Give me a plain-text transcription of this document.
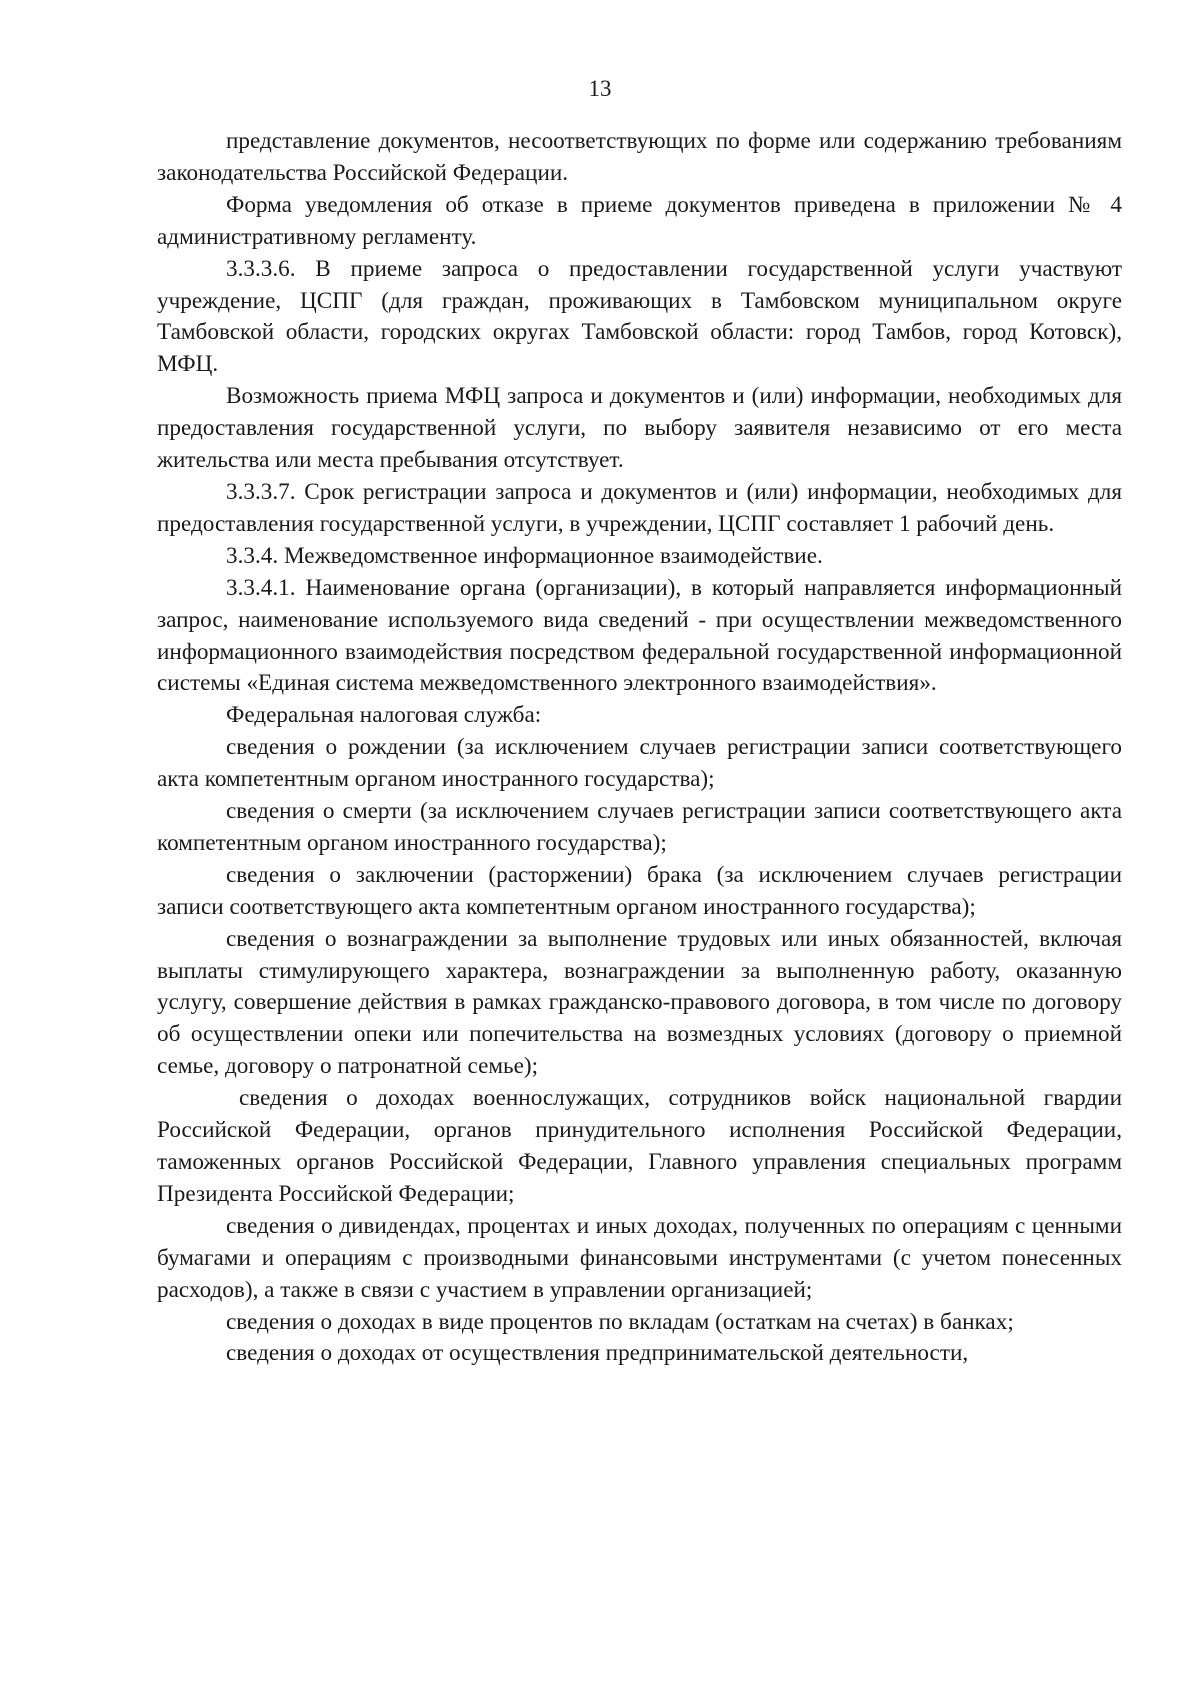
13

представление документов, несоответствующих по форме или содержанию требованиям законодательства Российской Федерации.

Форма уведомления об отказе в приеме документов приведена в приложении № 4 административному регламенту.

3.3.3.6. В приеме запроса о предоставлении государственной услуги участвуют учреждение, ЦСПГ (для граждан, проживающих в Тамбовском муниципальном округе Тамбовской области, городских округах Тамбовской области: город Тамбов, город Котовск), МФЦ.

Возможность приема МФЦ запроса и документов и (или) информации, необходимых для предоставления государственной услуги, по выбору заявителя независимо от его места жительства или места пребывания отсутствует.

3.3.3.7. Срок регистрации запроса и документов и (или) информации, необходимых для предоставления государственной услуги, в учреждении, ЦСПГ составляет 1 рабочий день.

3.3.4. Межведомственное информационное взаимодействие.

3.3.4.1. Наименование органа (организации), в который направляется информационный запрос, наименование используемого вида сведений - при осуществлении межведомственного информационного взаимодействия посредством федеральной государственной информационной системы «Единая система межведомственного электронного взаимодействия».

Федеральная налоговая служба:

сведения о рождении (за исключением случаев регистрации записи соответствующего акта компетентным органом иностранного государства);

сведения о смерти (за исключением случаев регистрации записи соответствующего акта компетентным органом иностранного государства);

сведения о заключении (расторжении) брака (за исключением случаев регистрации записи соответствующего акта компетентным органом иностранного государства);

сведения о вознаграждении за выполнение трудовых или иных обязанностей, включая выплаты стимулирующего характера, вознаграждении за выполненную работу, оказанную услугу, совершение действия в рамках гражданско-правового договора, в том числе по договору об осуществлении опеки или попечительства на возмездных условиях (договору о приемной семье, договору о патронатной семье);

сведения о доходах военнослужащих, сотрудников войск национальной гвардии Российской Федерации, органов принудительного исполнения Российской Федерации, таможенных органов Российской Федерации, Главного управления специальных программ Президента Российской Федерации;

сведения о дивидендах, процентах и иных доходах, полученных по операциям с ценными бумагами и операциям с производными финансовыми инструментами (с учетом понесенных расходов), а также в связи с участием в управлении организацией;

сведения о доходах в виде процентов по вкладам (остаткам на счетах) в банках;

сведения о доходах от осуществления предпринимательской деятельности,
